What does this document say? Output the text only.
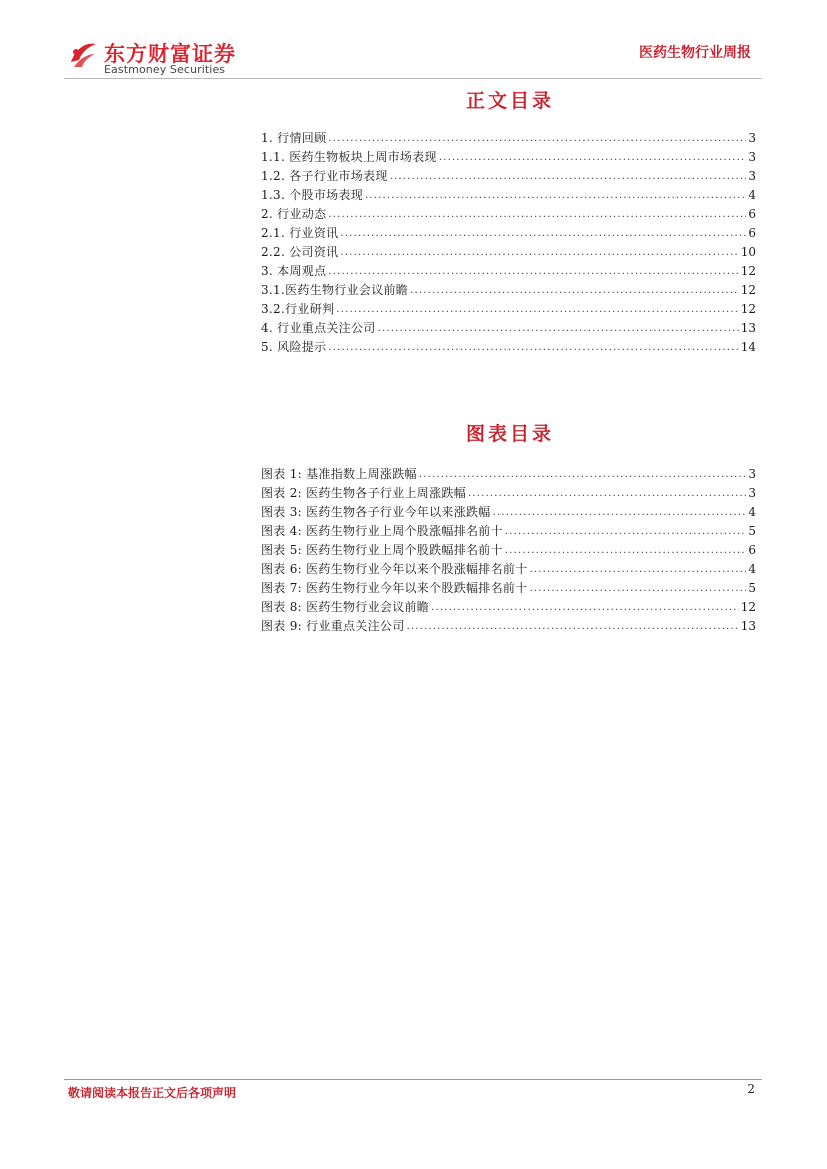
东方财富证券
Eastmoney Securities
医药生物行业周报
正文目录
1. 行情回顾 .....	3
1.1. 医药生物板块上周市场表现 .....	3
1.2. 各子行业市场表现 .....	3
1.3. 个股市场表现 .....	4
2. 行业动态 .....	6
2.1. 行业资讯 .....	6
2.2. 公司资讯 .....	10
3. 本周观点 .....	12
3.1.医药生物行业会议前瞻 .....	12
3.2.行业研判 .....	12
4. 行业重点关注公司 .....	13
5. 风险提示 .....	14
图表目录
图表 1: 基准指数上周涨跌幅 .....	3
图表 2: 医药生物各子行业上周涨跌幅 .....	3
图表 3: 医药生物各子行业今年以来涨跌幅 .....	4
图表 4: 医药生物行业上周个股涨幅排名前十 .....	5
图表 5: 医药生物行业上周个股跌幅排名前十 .....	6
图表 6: 医药生物行业今年以来个股涨幅排名前十 .....	4
图表 7: 医药生物行业今年以来个股跌幅排名前十 .....	5
图表 8: 医药生物行业会议前瞻 .....	12
图表 9: 行业重点关注公司 .....	13
敬请阅读本报告正文后各项声明	2
